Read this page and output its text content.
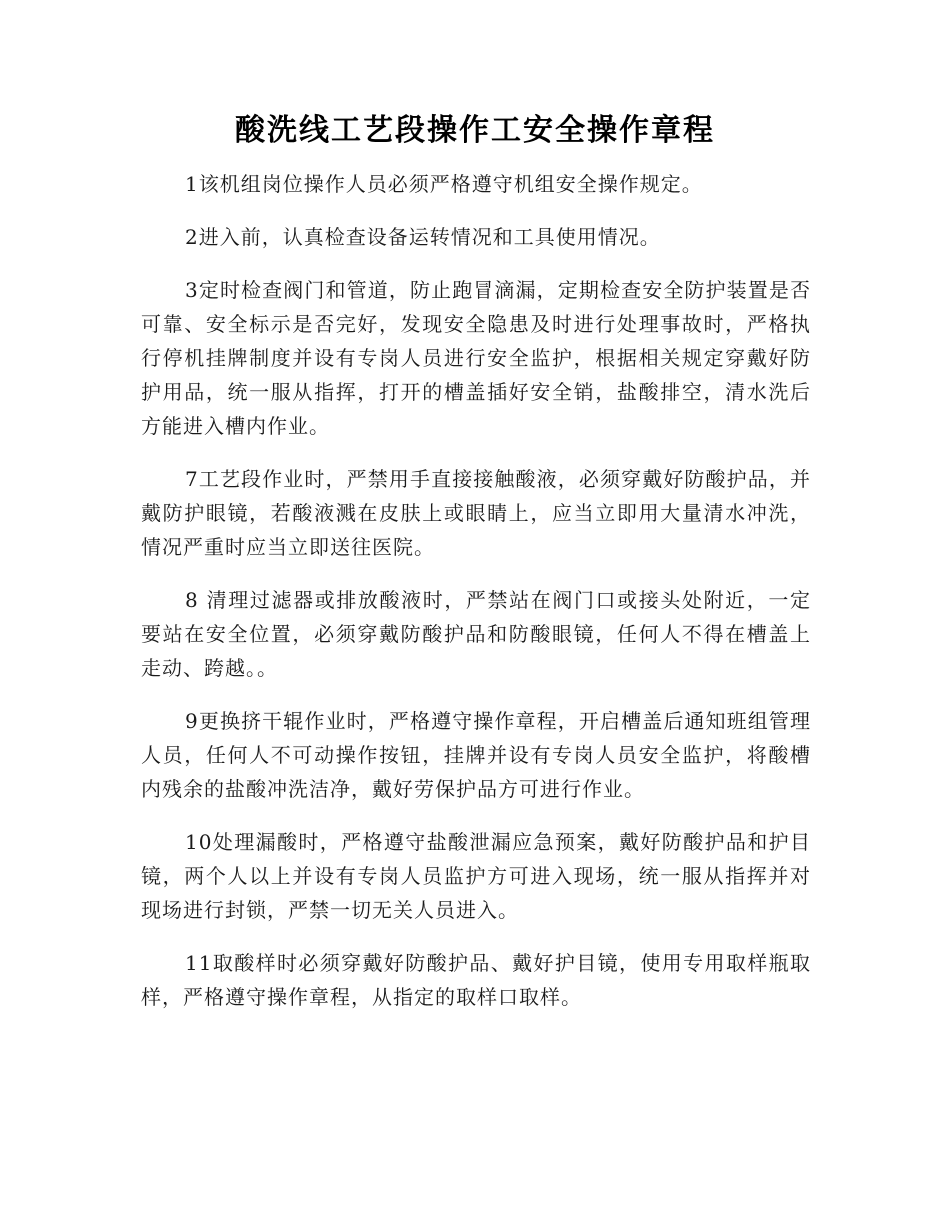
酸洗线工艺段操作工安全操作章程

1该机组岗位操作人员必须严格遵守机组安全操作规定。

2进入前，认真检查设备运转情况和工具使用情况。

3定时检查阀门和管道，防止跑冒滴漏，定期检查安全防护装置是否可靠、安全标示是否完好，发现安全隐患及时进行处理事故时，严格执行停机挂牌制度并设有专岗人员进行安全监护，根据相关规定穿戴好防护用品，统一服从指挥，打开的槽盖插好安全销，盐酸排空，清水洗后方能进入槽内作业。

7工艺段作业时，严禁用手直接接触酸液，必须穿戴好防酸护品，并戴防护眼镜，若酸液溅在皮肤上或眼睛上，应当立即用大量清水冲洗，情况严重时应当立即送往医院。

8 清理过滤器或排放酸液时，严禁站在阀门口或接头处附近，一定要站在安全位置，必须穿戴防酸护品和防酸眼镜，任何人不得在槽盖上走动、跨越。。

9更换挤干辊作业时，严格遵守操作章程，开启槽盖后通知班组管理人员，任何人不可动操作按钮，挂牌并设有专岗人员安全监护，将酸槽内残余的盐酸冲洗洁净，戴好劳保护品方可进行作业。

10处理漏酸时，严格遵守盐酸泄漏应急预案，戴好防酸护品和护目镜，两个人以上并设有专岗人员监护方可进入现场，统一服从指挥并对现场进行封锁，严禁一切无关人员进入。

11取酸样时必须穿戴好防酸护品、戴好护目镜，使用专用取样瓶取样，严格遵守操作章程，从指定的取样口取样。
